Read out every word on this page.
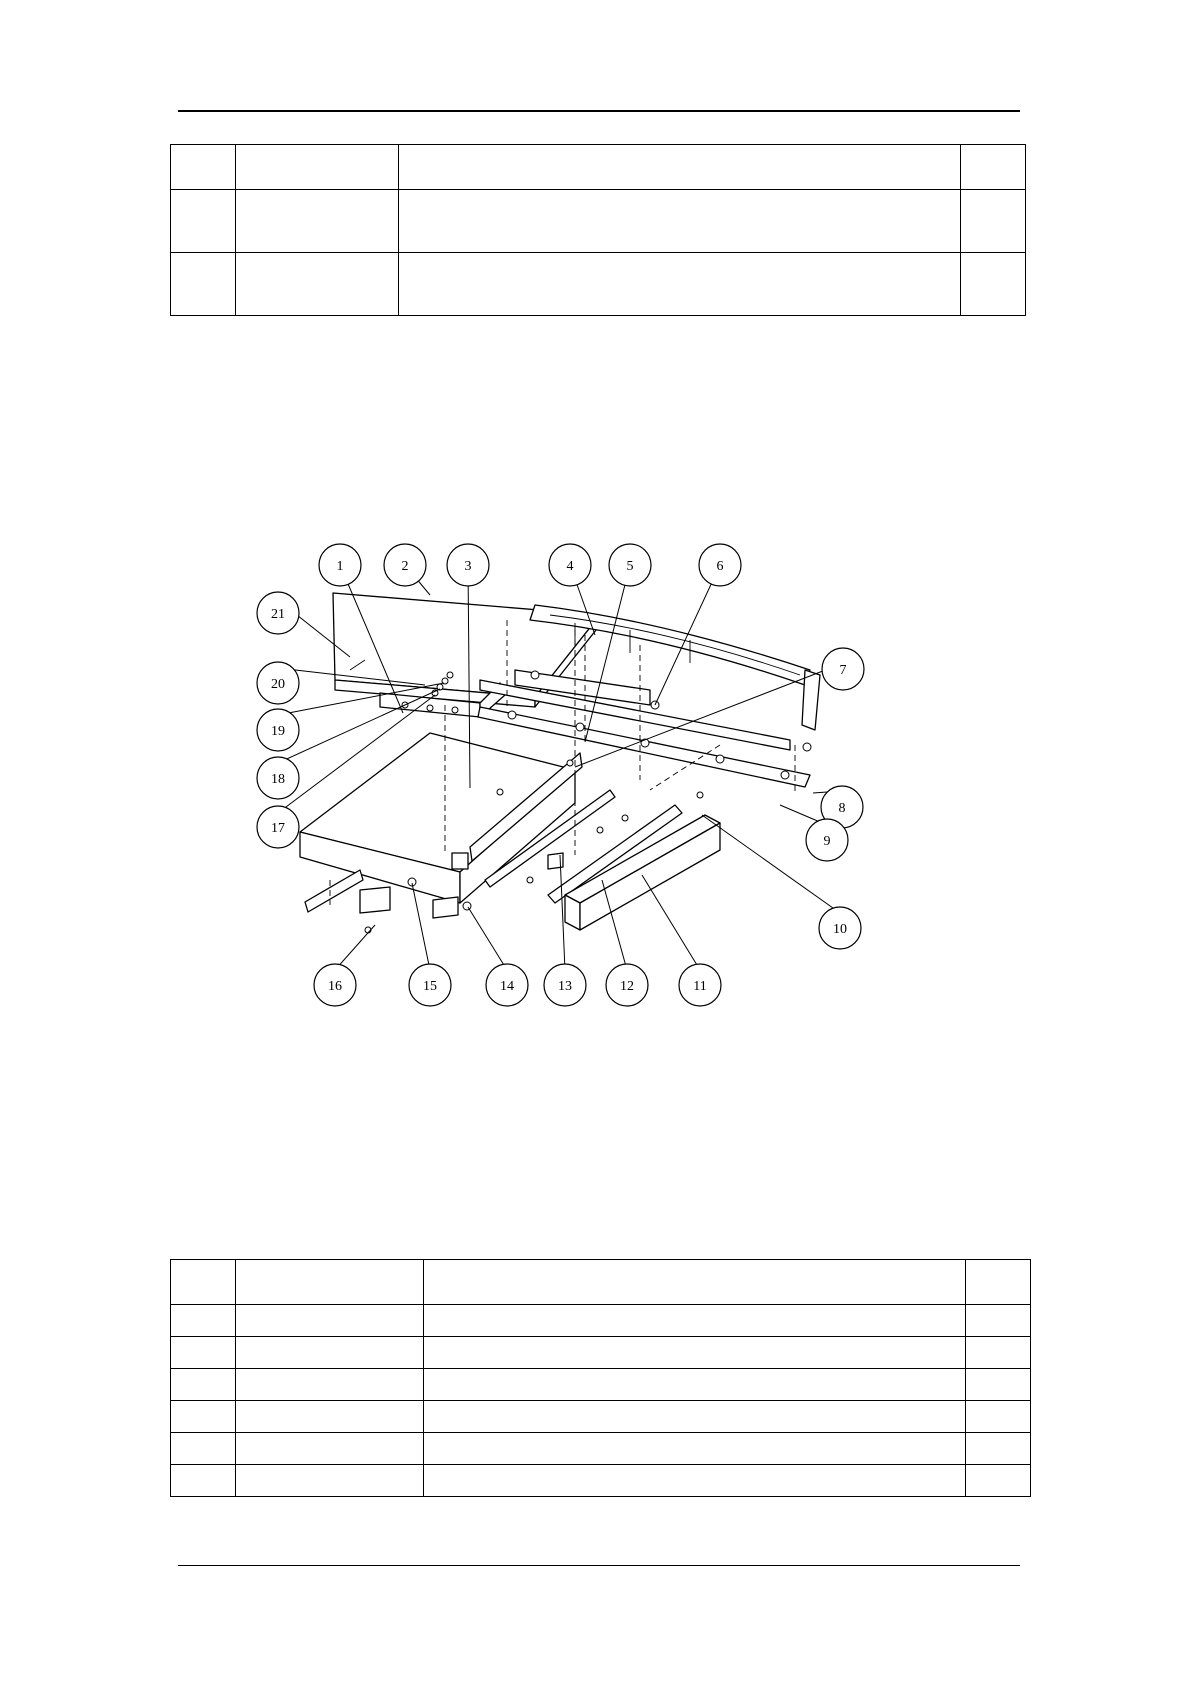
1	2	3	4	5	6
7
8
9
10
11
12
13
14
15
16
17
18
19
20
21
